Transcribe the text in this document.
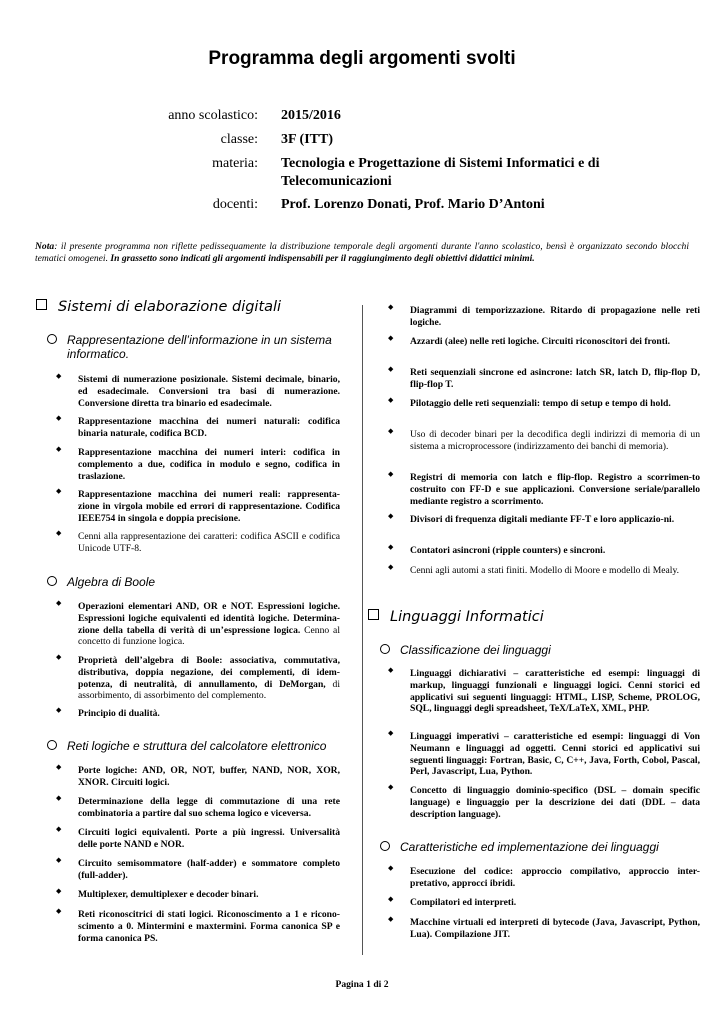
Programma degli argomenti svolti
anno scolastico: 2015/2016
classe: 3F (ITT)
materia: Tecnologia e Progettazione di Sistemi Informatici e di Telecomunicazioni
docenti: Prof. Lorenzo Donati, Prof. Mario D’Antoni
Nota: il presente programma non riflette pedissequamente la distribuzione temporale degli argomenti durante l'anno scolastico, bensì è organizzato secondo blocchi tematici omogenei. In grassetto sono indicati gli argomenti indispensabili per il raggiungimento degli obiettivi didattici minimi.
Sistemi di elaborazione digitali
Rappresentazione dell’informazione in un sistema informatico.
◆ Sistemi di numerazione posizionale. Sistemi decimale, binario, ed esadecimale. Conversioni tra basi di numerazione. Conversione diretta tra binario ed esadecimale.
◆ Rappresentazione macchina dei numeri naturali: codifica binaria naturale, codifica BCD.
◆ Rappresentazione macchina dei numeri interi: codifica in complemento a due, codifica in modulo e segno, codifica in traslazione.
◆ Rappresentazione macchina dei numeri reali: rappresenta-zione in virgola mobile ed errori di rappresentazione. Codifica IEEE754 in singola e doppia precisione.
◆ Cenni alla rappresentazione dei caratteri: codifica ASCII e codifica Unicode UTF-8.
Algebra di Boole
◆ Operazioni elementari AND, OR e NOT. Espressioni logiche. Espressioni logiche equivalenti ed identità logiche. Determina-zione della tabella di verità di un’espressione logica. Cenno al concetto di funzione logica.
◆ Proprietà dell’algebra di Boole: associativa, commutativa, distributiva, doppia negazione, dei complementi, di idem-potenza, di neutralità, di annullamento, di DeMorgan, di assorbimento, di assorbimento del complemento.
◆ Principio di dualità.
Reti logiche e struttura del calcolatore elettronico
◆ Porte logiche: AND, OR, NOT, buffer, NAND, NOR, XOR, XNOR. Circuiti logici.
◆ Determinazione della legge di commutazione di una rete combinatoria a partire dal suo schema logico e viceversa.
◆ Circuiti logici equivalenti. Porte a più ingressi. Universalità delle porte NAND e NOR.
◆ Circuito semisommatore (half-adder) e sommatore completo (full-adder).
◆ Multiplexer, demultiplexer e decoder binari.
◆ Reti riconoscitrici di stati logici. Riconoscimento a 1 e ricono-scimento a 0. Mintermini e maxtermini. Forma canonica SP e forma canonica PS.
◆ Diagrammi di temporizzazione. Ritardo di propagazione nelle reti logiche.
◆ Azzardi (alee) nelle reti logiche. Circuiti riconoscitori dei fronti.
◆ Reti sequenziali sincrone ed asincrone: latch SR, latch D, flip-flop D, flip-flop T.
◆ Pilotaggio delle reti sequenziali: tempo di setup e tempo di hold.
◆ Uso di decoder binari per la decodifica degli indirizzi di memoria di un sistema a microprocessore (indirizzamento dei banchi di memoria).
◆ Registri di memoria con latch e flip-flop. Registro a scorrimen-to costruito con FF-D e sue applicazioni. Conversione seriale/parallelo mediante registro a scorrimento.
◆ Divisori di frequenza digitali mediante FF-T e loro applicazio-ni.
◆ Contatori asincroni (ripple counters) e sincroni.
◆ Cenni agli automi a stati finiti. Modello di Moore e modello di Mealy.
Linguaggi Informatici
Classificazione dei linguaggi
◆ Linguaggi dichiarativi – caratteristiche ed esempi: linguaggi di markup, linguaggi funzionali e linguaggi logici. Cenni storici ed applicativi sui seguenti linguaggi: HTML, LISP, Scheme, PROLOG, SQL, linguaggi degli spreadsheet, TeX/LaTeX, XML, PHP.
◆ Linguaggi imperativi – caratteristiche ed esempi: linguaggi di Von Neumann e linguaggi ad oggetti. Cenni storici ed applicativi sui seguenti linguaggi: Fortran, Basic, C, C++, Java, Forth, Cobol, Pascal, Perl, Javascript, Lua, Python.
◆ Concetto di linguaggio dominio-specifico (DSL – domain specific language) e linguaggio per la descrizione dei dati (DDL – data description language).
Caratteristiche ed implementazione dei linguaggi
◆ Esecuzione del codice: approccio compilativo, approccio inter-pretativo, approcci ibridi.
◆ Compilatori ed interpreti.
◆ Macchine virtuali ed interpreti di bytecode (Java, Javascript, Python, Lua). Compilazione JIT.
Pagina 1 di 2
